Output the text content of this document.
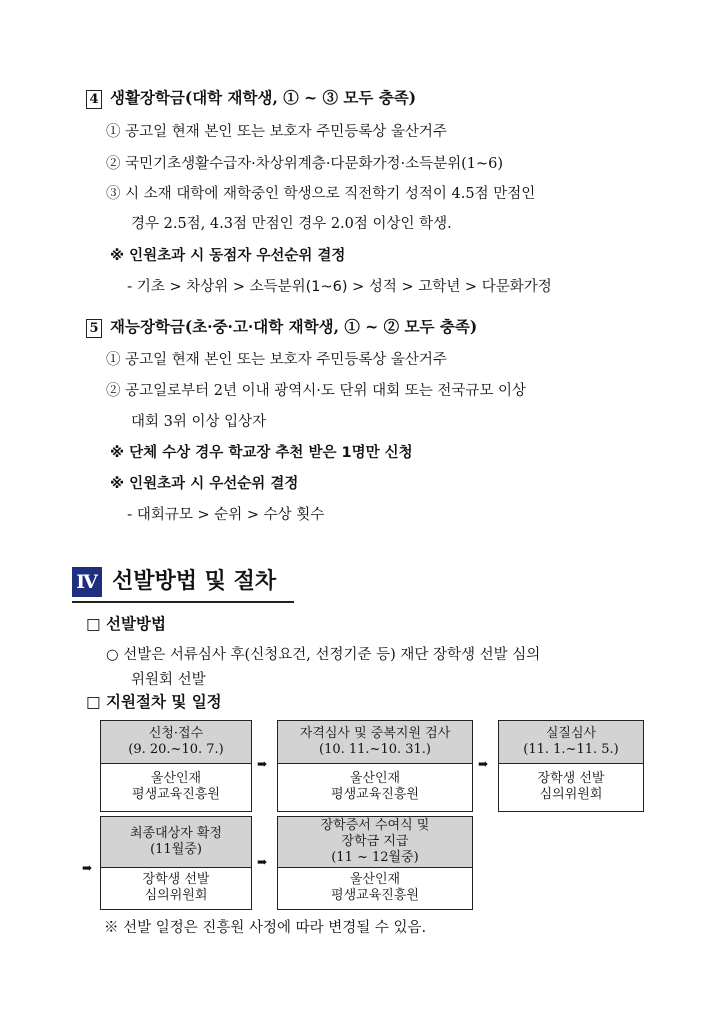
4 생활장학금(대학 재학생, ① ~ ③ 모두 충족)
① 공고일 현재 본인 또는 보호자 주민등록상 울산거주
② 국민기초생활수급자·차상위계층·다문화가정·소득분위(1~6)
③ 시 소재 대학에 재학중인 학생으로 직전학기 성적이 4.5점 만점인
경우 2.5점, 4.3점 만점인 경우 2.0점 이상인 학생.
※ 인원초과 시 동점자 우선순위 결정
- 기초 > 차상위 > 소득분위(1~6) > 성적 > 고학년 > 다문화가정
5 재능장학금(초·중·고·대학 재학생, ① ~ ② 모두 충족)
① 공고일 현재 본인 또는 보호자 주민등록상 울산거주
② 공고일로부터 2년 이내 광역시·도 단위 대회 또는 전국규모 이상
대회 3위 이상 입상자
※ 단체 수상 경우 학교장 추천 받은 1명만 신청
※ 인원초과 시 우선순위 결정
- 대회규모 > 순위 > 수상 횟수
Ⅳ 선발방법 및 절차
□ 선발방법
○ 선발은 서류심사 후(신청요건, 선정기준 등) 재단 장학생 선발 심의
위원회 선발
□ 지원절차 및 일정
신청·접수
(9. 20.~10. 7.)
울산인재
평생교육진흥원
➡
자격심사 및 중복지원 검사
(10. 11.~10. 31.)
울산인재
평생교육진흥원
➡
실질심사
(11. 1.~11. 5.)
장학생 선발
심의위원회
➡
최종대상자 확정
(11월중)
장학생 선발
심의위원회
➡
장학증서 수여식 및
장학금 지급
(11 ~ 12월중)
울산인재
평생교육진흥원
※ 선발 일정은 진흥원 사정에 따라 변경될 수 있음.
